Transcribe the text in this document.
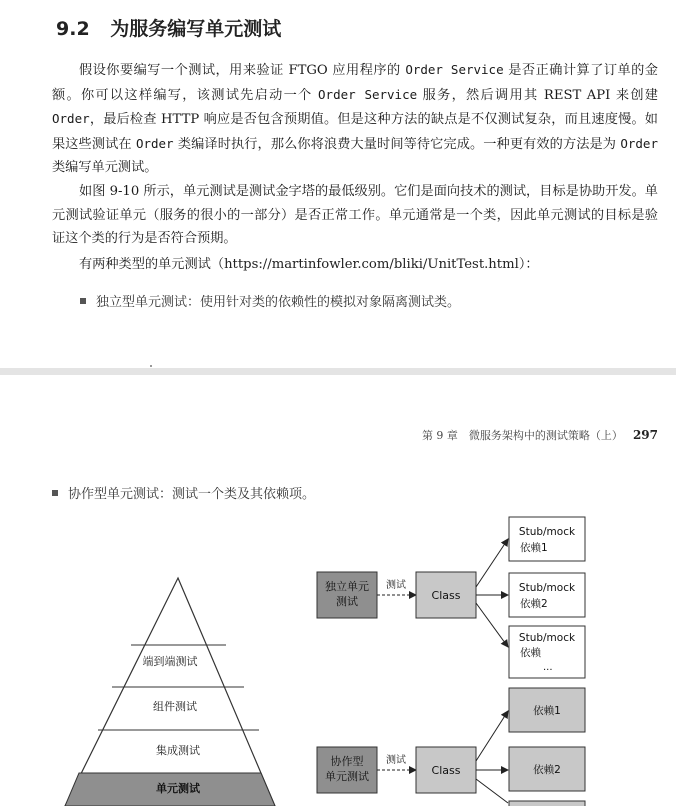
9.2 为服务编写单元测试
假设你要编写一个测试，用来验证 FTGO 应用程序的 Order Service 是否正确计算了订单的金额。你可以这样编写，该测试先启动一个 Order Service 服务，然后调用其 REST API 来创建 Order，最后检查 HTTP 响应是否包含预期值。但是这种方法的缺点是不仅测试复杂，而且速度慢。如果这些测试在 Order 类编译时执行，那么你将浪费大量时间等待它完成。一种更有效的方法是为 Order 类编写单元测试。
如图 9-10 所示，单元测试是测试金字塔的最低级别。它们是面向技术的测试，目标是协助开发。单元测试验证单元（服务的很小的一部分）是否正常工作。单元通常是一个类，因此单元测试的目标是验证这个类的行为是否符合预期。
有两种类型的单元测试（https://martinfowler.com/bliki/UnitTest.html）：
独立型单元测试：使用针对类的依赖性的模拟对象隔离测试类。
第 9 章　微服务架构中的测试策略（上） 297
协作型单元测试：测试一个类及其依赖项。
端到端测试
组件测试
集成测试
单元测试
独立单元
测试
测试
Class
Stub/mock
依赖1
Stub/mock
依赖2
Stub/mock
依赖
...
协作型
单元测试
测试
Class
依赖1
依赖2
